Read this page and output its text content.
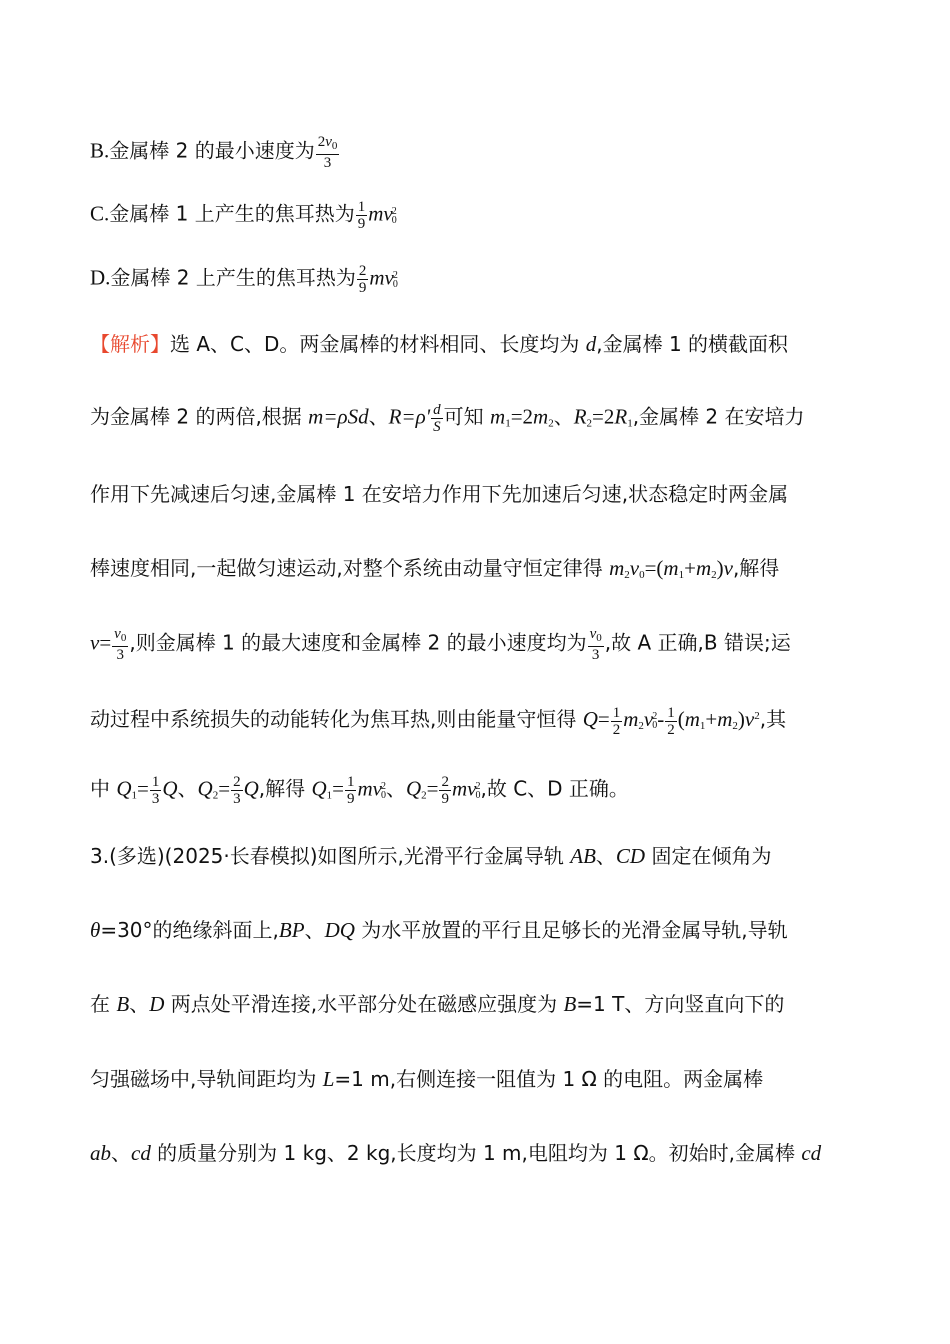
B.金属棒 2 的最小速度为 $\frac{2v_0}{3}$
C.金属棒 1 上产生的焦耳热为 $\frac{1}{9}$ mv 2
0
D.金属棒 2 上产生的焦耳热为 $\frac{2}{9}$ mv 2
0
【解析】选 A、C、D。两金属棒的材料相同、长度均为 d,金属棒 1 的横截面积
为金属棒 2 的两倍,根据 m=ρSd、$R=\rho' \frac{d}{S}$ 可知 $m_1=2m_2$、$R_2=2R_1$,金属棒 2 在安培力
作用下先减速后匀速,金属棒 1 在安培力作用下先加速后匀速,状态稳定时两金属
棒速度相同,一起做匀速运动,对整个系统由动量守恒定律得 $m_2v_0=(m_1+m_2)v$,解得
$v= \frac{v_0}{3}$ ,则金属棒 1 的最大速度和金属棒 2 的最小速度均为 $\frac{v_0}{3}$ ,故 A 正确,B 错误;运
动过程中系统损失的动能转化为焦耳热,则由能量守恒得 $Q= \frac{1}{2} m_2v$ 2
$0 - \frac{1}{2} (m_1+m_2)v^2$,其
中 $Q_1= \frac{1}{3}$ Q、$Q_2= \frac{2}{3} Q$,解得 $Q_1= \frac{1}{9}$ mv 2
0 、$Q_2= \frac{2}{9}$ mv 2
0 ,故 C、D 正确。
3.(多选)(2025·长春模拟)如图所示,光滑平行金属导轨 AB、CD 固定在倾角为
θ=30°的绝缘斜面上,BP、DQ 为水平放置的平行且足够长的光滑金属导轨,导轨
在 B、D 两点处平滑连接,水平部分处在磁感应强度为 B=1 T、方向竖直向下的
匀强磁场中,导轨间距均为 L=1 m,右侧连接一阻值为 1 Ω 的电阻。两金属棒
ab、cd 的质量分别为 1 kg、2 kg,长度均为 1 m,电阻均为 1 Ω。初始时,金属棒 cd
